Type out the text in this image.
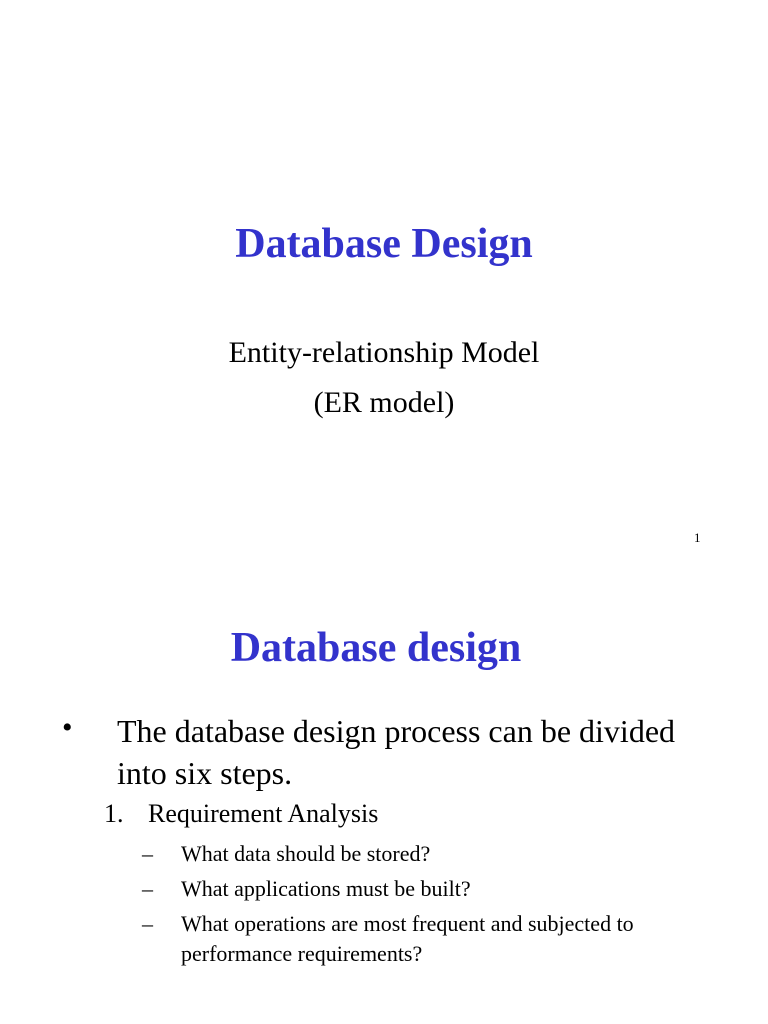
Database Design
Entity-relationship Model
(ER model)
1
Database design
• The database design process can be divided into six steps.
1. Requirement Analysis
– What data should be stored?
– What applications must be built?
– What operations are most frequent and subjected to performance requirements?
